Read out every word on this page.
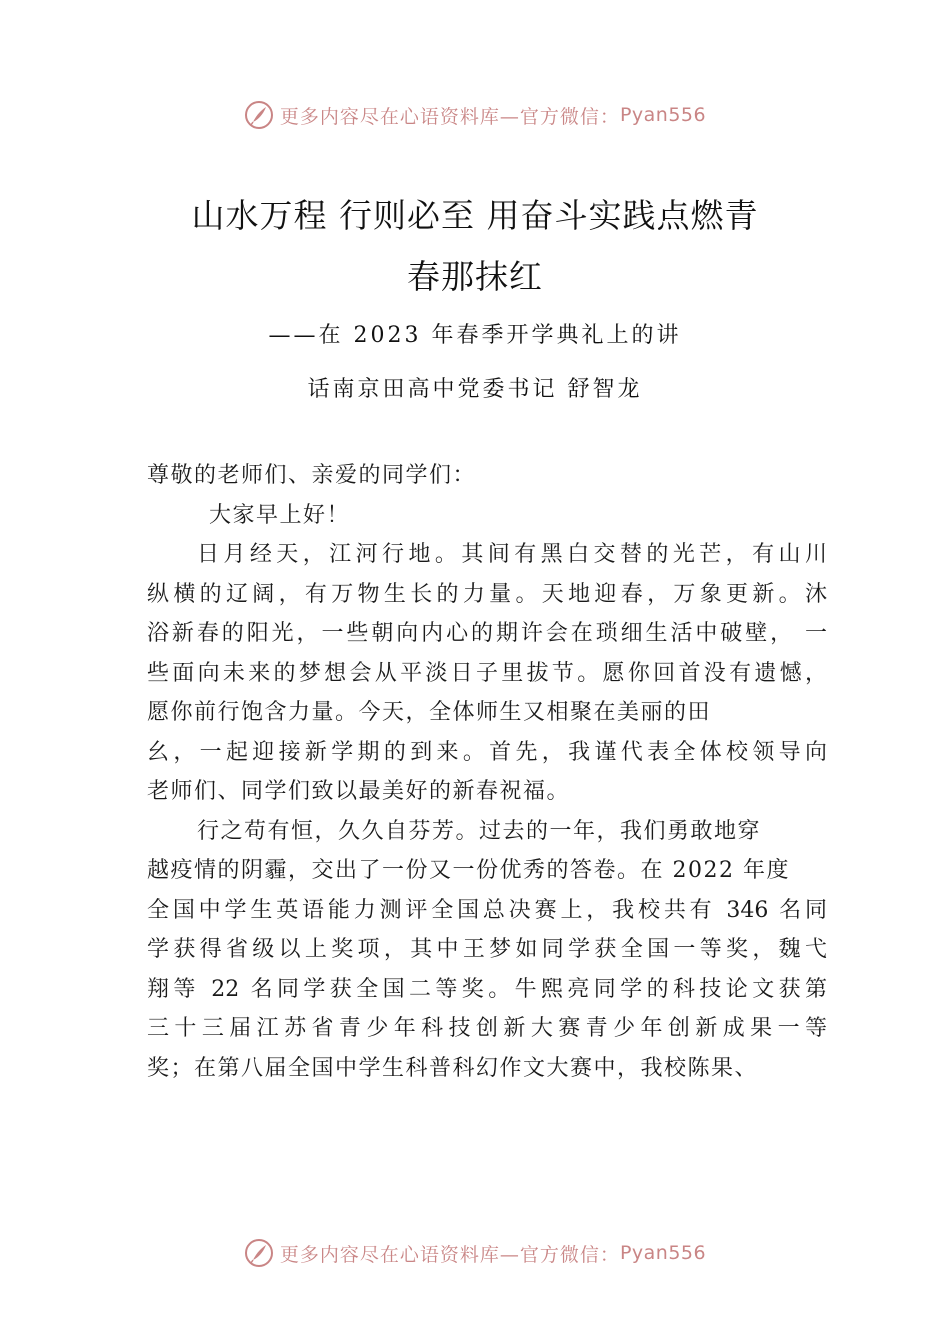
更多内容尽在心语资料库 —官方微信： Pyan556
山水万程 行则必至 用奋斗实践点燃青
春那抹红
——在 2023 年春季开学典礼上的讲
话南京田高中党委书记 舒智龙
尊敬的老师们、亲爱的同学们：
大家早上好！
日月经天，江河行地。其间有黑白交替的光芒，有山川
纵横的辽阔，有万物生长的力量。天地迎春，万象更新。沐
浴新春的阳光，一些朝向内心的期许会在琐细生活中破壁， 一
些面向未来的梦想会从平淡日子里拔节。愿你回首没有遗憾，
愿你前行饱含力量。今天，全体师生又相聚在美丽的田
幺，一起迎接新学期的到来。首先，我谨代表全体校领导向
老师们、同学们致以最美好的新春祝福。
行之苟有恒，久久自芬芳。过去的一年，我们勇敢地穿
越疫情的阴霾，交出了一份又一份优秀的答卷。在 2022 年度
全国中学生英语能力测评全国总决赛上，我校共有 346 名同
学获得省级以上奖项，其中王梦如同学获全国一等奖，魏弋
翔等 22 名同学获全国二等奖。牛熙亮同学的科技论文获第
三十三届江苏省青少年科技创新大赛青少年创新成果一等
奖；在第八届全国中学生科普科幻作文大赛中，我校陈果、
更多内容尽在心语资料库 —官方微信： Pyan556
